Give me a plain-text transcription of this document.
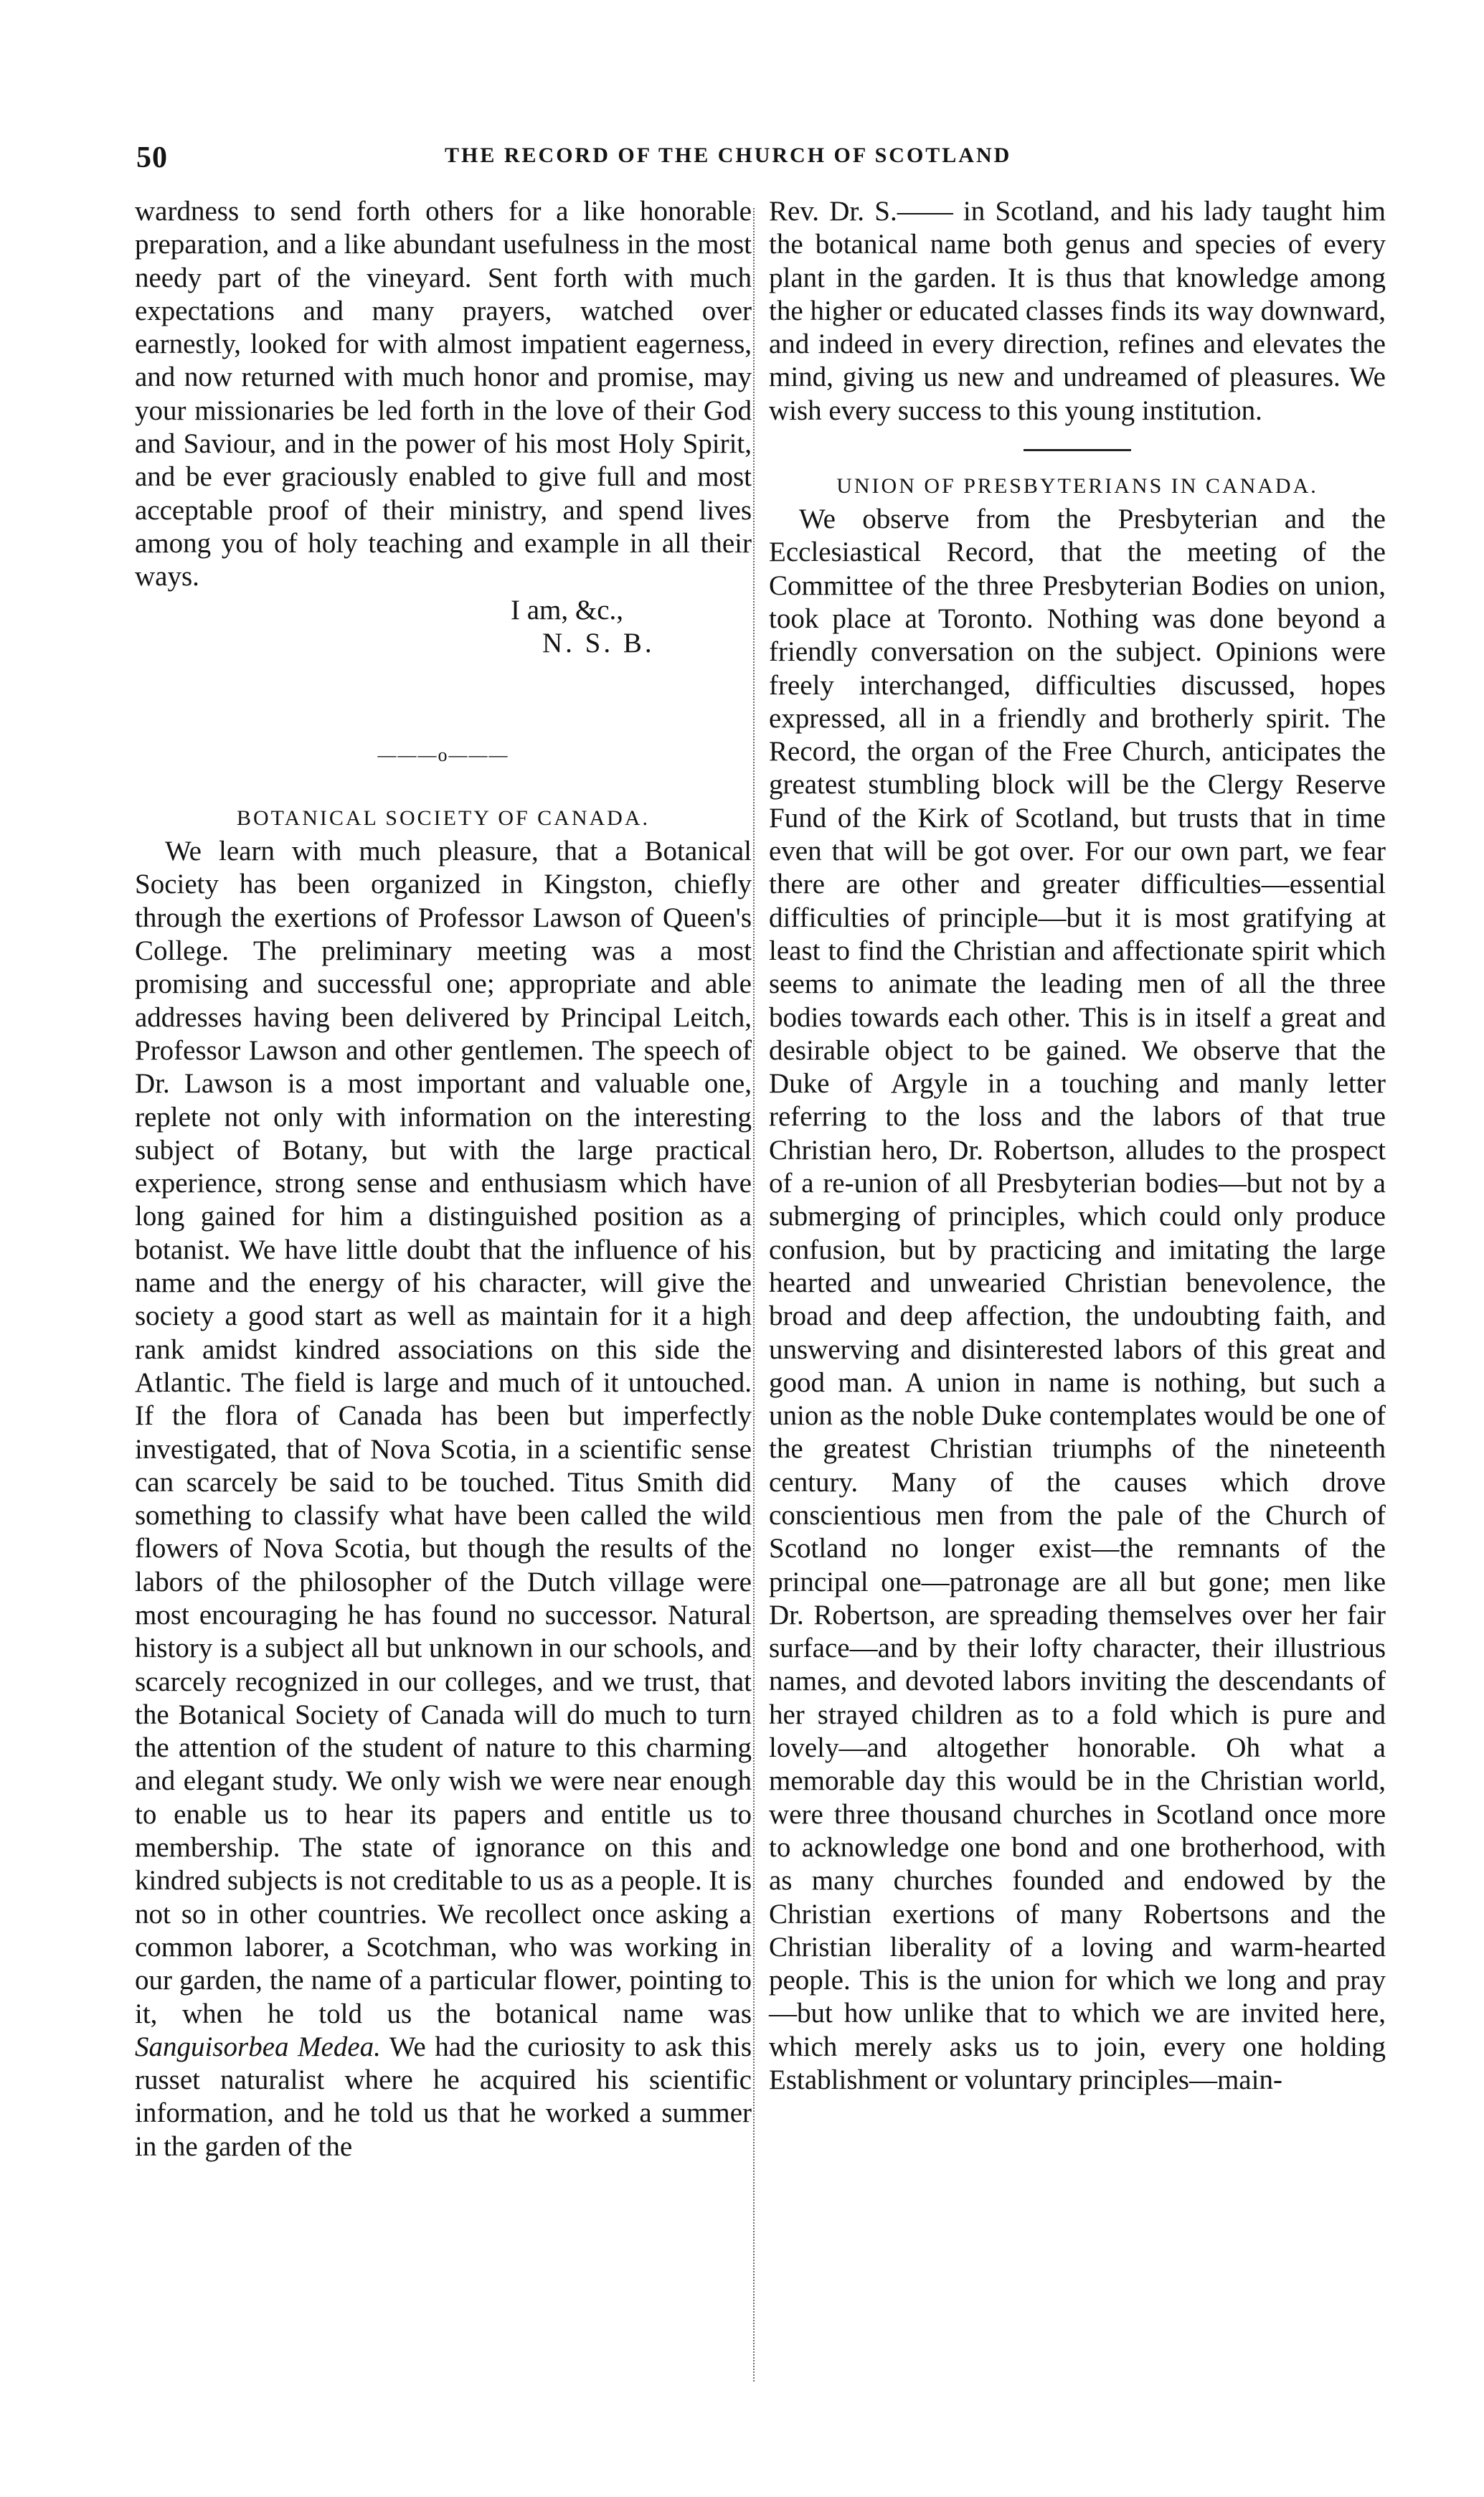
50	THE RECORD OF THE CHURCH OF SCOTLAND

wardness to send forth others for a like honorable preparation, and a like abundant usefulness in the most needy part of the vineyard. Sent forth with much expectations and many prayers, watched over earnestly, looked for with almost impatient eagerness, and now returned with much honor and promise, may your missionaries be led forth in the love of their God and Saviour, and in the power of his most Holy Spirit, and be ever graciously enabled to give full and most acceptable proof of their ministry, and spend lives among you of holy teaching and example in all their ways.

I am, &c.,

N. S. B.

———o———

BOTANICAL SOCIETY OF CANADA.

We learn with much pleasure, that a Botanical Society has been organized in Kingston, chiefly through the exertions of Professor Lawson of Queen's College. The preliminary meeting was a most promising and successful one; appropriate and able addresses having been delivered by Principal Leitch, Professor Lawson and other gentlemen. The speech of Dr. Lawson is a most important and valuable one, replete not only with information on the interesting subject of Botany, but with the large practical experience, strong sense and enthusiasm which have long gained for him a distinguished position as a botanist. We have little doubt that the influence of his name and the energy of his character, will give the society a good start as well as maintain for it a high rank amidst kindred associations on this side the Atlantic. The field is large and much of it untouched. If the flora of Canada has been but imperfectly investigated, that of Nova Scotia, in a scientific sense can scarcely be said to be touched. Titus Smith did something to classify what have been called the wild flowers of Nova Scotia, but though the results of the labors of the philosopher of the Dutch village were most encouraging he has found no successor. Natural history is a subject all but unknown in our schools, and scarcely recognized in our colleges, and we trust, that the Botanical Society of Canada will do much to turn the attention of the student of nature to this charming and elegant study. We only wish we were near enough to enable us to hear its papers and entitle us to membership. The state of ignorance on this and kindred subjects is not creditable to us as a people. It is not so in other countries. We recollect once asking a common laborer, a Scotchman, who was working in our garden, the name of a particular flower, pointing to it, when he told us the botanical name was Sanguisorbea Medea. We had the curiosity to ask this russet naturalist where he acquired his scientific information, and he told us that he worked a summer in the garden of the

Rev. Dr. S.—— in Scotland, and his lady taught him the botanical name both genus and species of every plant in the garden. It is thus that knowledge among the higher or educated classes finds its way downward, and indeed in every direction, refines and elevates the mind, giving us new and undreamed of pleasures. We wish every success to this young institution.

UNION OF PRESBYTERIANS IN CANADA.

We observe from the Presbyterian and the Ecclesiastical Record, that the meeting of the Committee of the three Presbyterian Bodies on union, took place at Toronto. Nothing was done beyond a friendly conversation on the subject. Opinions were freely interchanged, difficulties discussed, hopes expressed, all in a friendly and brotherly spirit. The Record, the organ of the Free Church, anticipates the greatest stumbling block will be the Clergy Reserve Fund of the Kirk of Scotland, but trusts that in time even that will be got over. For our own part, we fear there are other and greater difficulties—essential difficulties of principle—but it is most gratifying at least to find the Christian and affectionate spirit which seems to animate the leading men of all the three bodies towards each other. This is in itself a great and desirable object to be gained. We observe that the Duke of Argyle in a touching and manly letter referring to the loss and the labors of that true Christian hero, Dr. Robertson, alludes to the prospect of a re-union of all Presbyterian bodies—but not by a submerging of principles, which could only produce confusion, but by practicing and imitating the large hearted and unwearied Christian benevolence, the broad and deep affection, the undoubting faith, and unswerving and disinterested labors of this great and good man. A union in name is nothing, but such a union as the noble Duke contemplates would be one of the greatest Christian triumphs of the nineteenth century. Many of the causes which drove conscientious men from the pale of the Church of Scotland no longer exist—the remnants of the principal one—patronage are all but gone; men like Dr. Robertson, are spreading themselves over her fair surface—and by their lofty character, their illustrious names, and devoted labors inviting the descendants of her strayed children as to a fold which is pure and lovely—and altogether honorable. Oh what a memorable day this would be in the Christian world, were three thousand churches in Scotland once more to acknowledge one bond and one brotherhood, with as many churches founded and endowed by the Christian exertions of many Robertsons and the Christian liberality of a loving and warm-hearted people. This is the union for which we long and pray—but how unlike that to which we are invited here, which merely asks us to join, every one holding Establishment or voluntary principles—main-
